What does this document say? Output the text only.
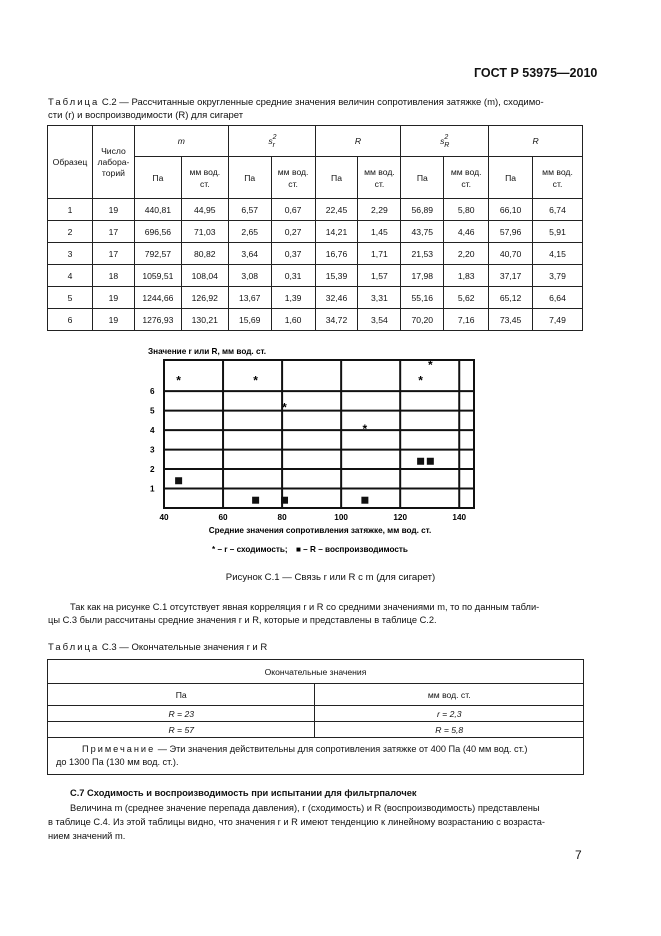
ГОСТ Р 53975—2010
Таблица С.2 — Рассчитанные округленные средние значения величин сопротивления затяжке (m), сходимо-
сти (r) и воспроизводимости (R) для сигарет
Образец	Число
лабора-
торий	m		$s^2_r$		R		$s^2_R$		R	
		Па	мм вод.
ст.	Па	мм вод.
ст.	Па	мм вод.
ст.	Па	мм вод.
ст.	Па	мм вод.
ст.
1	19	440,81	44,95	6,57	0,67	22,45	2,29	56,89	5,80	66,10	6,74
2	17	696,56	71,03	2,65	0,27	14,21	1,45	43,75	4,46	57,96	5,91
3	17	792,57	80,82	3,64	0,37	16,76	1,71	21,53	2,20	40,70	4,15
4	18	1059,51	108,04	3,08	0,31	15,39	1,57	17,98	1,83	37,17	3,79
5	19	1244,66	126,92	13,67	1,39	32,46	3,31	55,16	5,62	65,12	6,64
6	19	1276,93	130,21	15,69	1,60	34,72	3,54	70,20	7,16	73,45	7,49
Значение r или R, мм вод. ст.
1
2
3
4
5
6
40	60	80	100	120	140
*	*
*
*
*
*
Средние значения сопротивления затяжке, мм вод. ст.
* – r – сходимость; ■ – R – воспроизводимость
Рисунок С.1 — Связь r или R с m (для сигарет)
Так как на рисунке С.1 отсутствует явная корреляция r и R со средними значениями m, то по данным табли-
цы С.3 были рассчитаны средние значения r и R, которые и представлены в таблице С.2.
Таблица С.3 — Окончательные значения r и R
Окончательные значения	
Па	мм вод. ст.
R = 23	r = 2,3
R = 57	R = 5,8
Примечание — Эти значения действительны для сопротивления затяжке от 400 Па (40 мм вод. ст.)
до 1300 Па (130 мм вод. ст.).	
С.7 Сходимость и воспроизводимость при испытании для фильтрпалочек
Величина m (среднее значение перепада давления), r (сходимость) и R (воспроизводимость) представлены
в таблице С.4. Из этой таблицы видно, что значения r и R имеют тенденцию к линейному возрастанию с возраста-
нием значений m.
7
